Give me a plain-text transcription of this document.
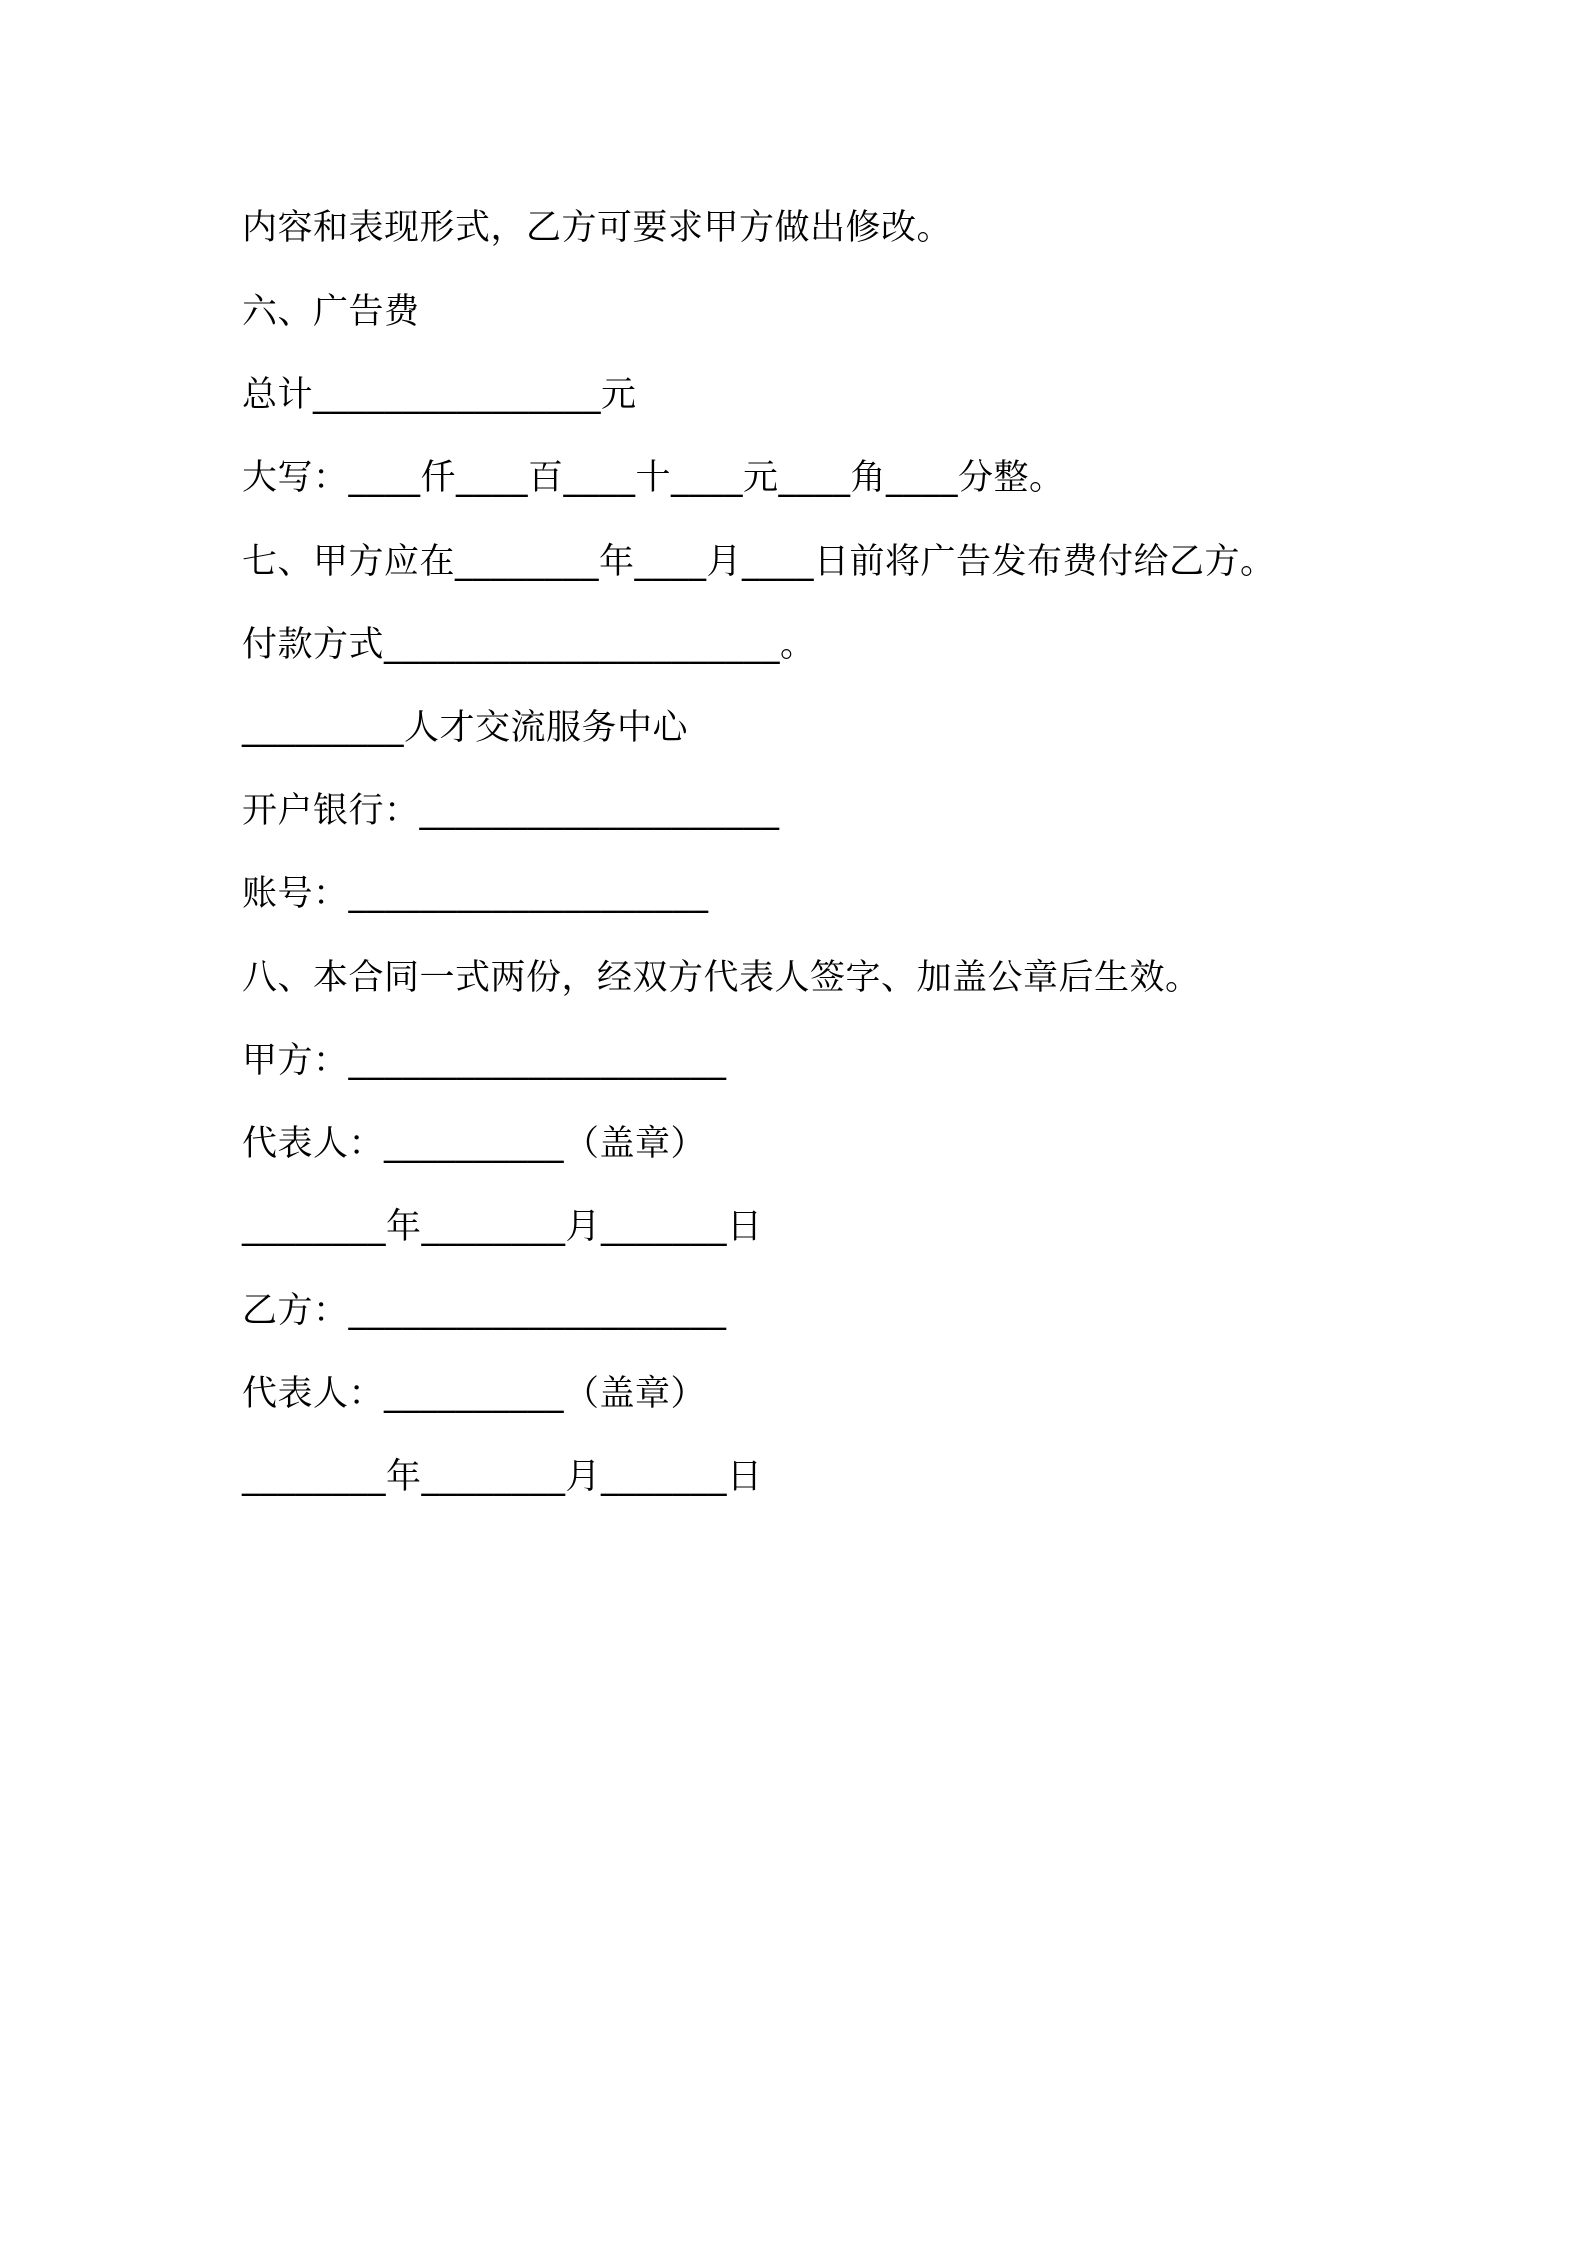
内容和表现形式，乙方可要求甲方做出修改。
六、广告费
总计________________元
大写：____仟____百____十____元____角____分整。
七、甲方应在________年____月____日前将广告发布费付给乙方。
付款方式______________________。
_________人才交流服务中心
开户银行：____________________
账号：____________________
八、本合同一式两份，经双方代表人签字、加盖公章后生效。
甲方：_____________________
代表人：__________（盖章）
________年________月_______日
乙方：_____________________
代表人：__________（盖章）
________年________月_______日
